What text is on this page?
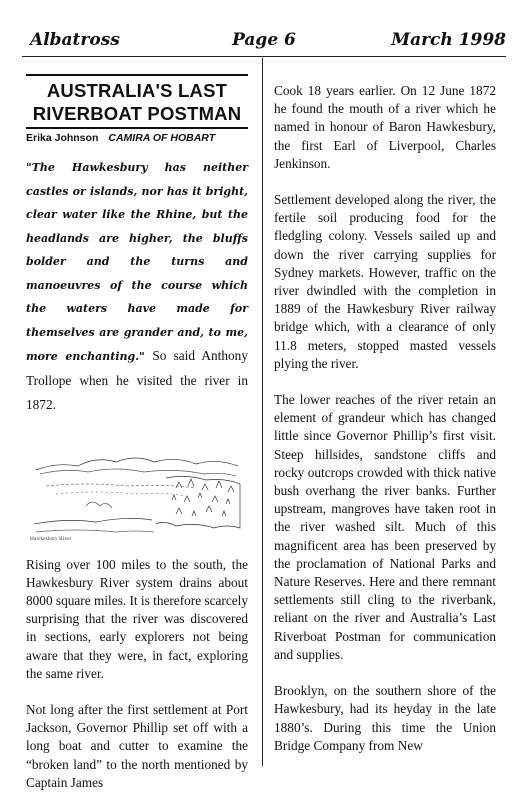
Albatross	Page 6	March 1998
AUSTRALIA'S LAST RIVERBOAT POSTMAN
Erika Johnson CAMIRA OF HOBART
"The Hawkesbury has neither castles or islands, nor has it bright, clear water like the Rhine, but the headlands are higher, the bluffs bolder and the turns and manoeuvres of the course which the waters have made for themselves are grander and, to me, more enchanting." So said Anthony Trollope when he visited the river in 1872.
Hawkesbury River

Rising over 100 miles to the south, the Hawkesbury River system drains about 8000 square miles. It is therefore scarcely surprising that the river was discovered in sections, early explorers not being aware that they were, in fact, exploring the same river.

Not long after the first settlement at Port Jackson, Governor Phillip set off with a long boat and cutter to examine the “broken land” to the north mentioned by Captain James

Cook 18 years earlier. On 12 June 1872 he found the mouth of a river which he named in honour of Baron Hawkesbury, the first Earl of Liverpool, Charles Jenkinson.

Settlement developed along the river, the fertile soil producing food for the fledgling colony. Vessels sailed up and down the river carrying supplies for Sydney markets. However, traffic on the river dwindled with the completion in 1889 of the Hawkesbury River railway bridge which, with a clearance of only 11.8 meters, stopped masted vessels plying the river.

The lower reaches of the river retain an element of grandeur which has changed little since Governor Phillip’s first visit. Steep hillsides, sandstone cliffs and rocky outcrops crowded with thick native bush overhang the river banks. Further upstream, mangroves have taken root in the river washed silt. Much of this magnificent area has been preserved by the proclamation of National Parks and Nature Reserves. Here and there remnant settlements still cling to the riverbank, reliant on the river and Australia’s Last Riverboat Postman for communication and supplies.

Brooklyn, on the southern shore of the Hawkesbury, had its heyday in the late 1880’s. During this time the Union Bridge Company from New
